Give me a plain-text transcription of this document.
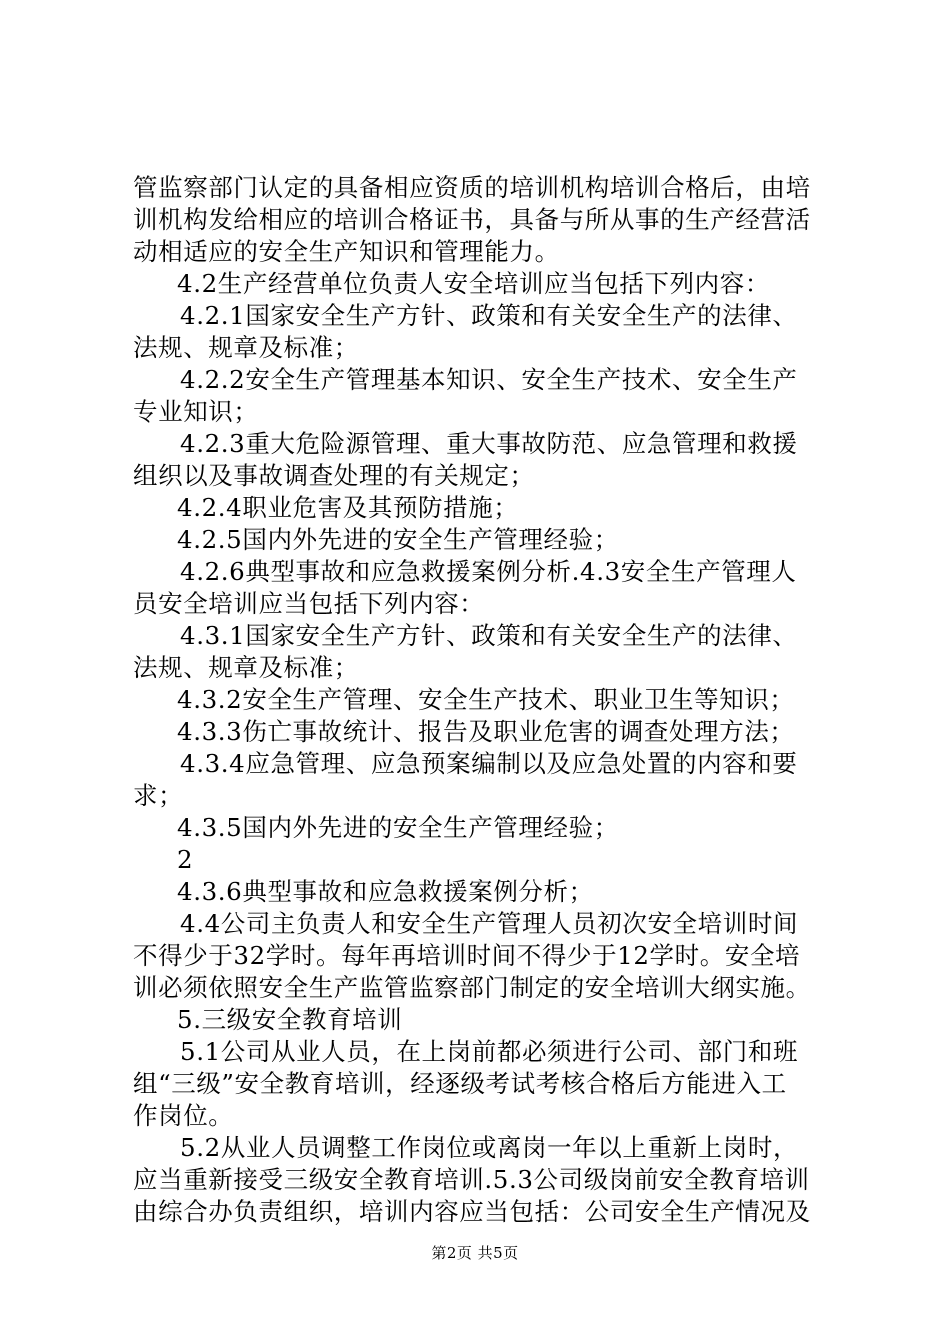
管监察部门认定的具备相应资质的培训机构培训合格后，由培
训机构发给相应的培训合格证书，具备与所从事的生产经营活
动相适应的安全生产知识和管理能力。
4.2生产经营单位负责人安全培训应当包括下列内容：
4.2.1国家安全生产方针、政策和有关安全生产的法律、
法规、规章及标准；
4.2.2安全生产管理基本知识、安全生产技术、安全生产
专业知识；
4.2.3重大危险源管理、重大事故防范、应急管理和救援
组织以及事故调查处理的有关规定；
4.2.4职业危害及其预防措施；
4.2.5国内外先进的安全生产管理经验；
4.2.6典型事故和应急救援案例分析.4.3安全生产管理人
员安全培训应当包括下列内容：
4.3.1国家安全生产方针、政策和有关安全生产的法律、
法规、规章及标准；
4.3.2安全生产管理、安全生产技术、职业卫生等知识；
4.3.3伤亡事故统计、报告及职业危害的调查处理方法；
4.3.4应急管理、应急预案编制以及应急处置的内容和要
求；
4.3.5国内外先进的安全生产管理经验；
2
4.3.6典型事故和应急救援案例分析；
4.4公司主负责人和安全生产管理人员初次安全培训时间
不得少于32学时。每年再培训时间不得少于12学时。安全培
训必须依照安全生产监管监察部门制定的安全培训大纲实施。
5.三级安全教育培训
5.1公司从业人员，在上岗前都必须进行公司、部门和班
组“三级”安全教育培训，经逐级考试考核合格后方能进入工
作岗位。
5.2从业人员调整工作岗位或离岗一年以上重新上岗时，
应当重新接受三级安全教育培训.5.3公司级岗前安全教育培训
由综合办负责组织，培训内容应当包括：公司安全生产情况及
第2页 共5页
